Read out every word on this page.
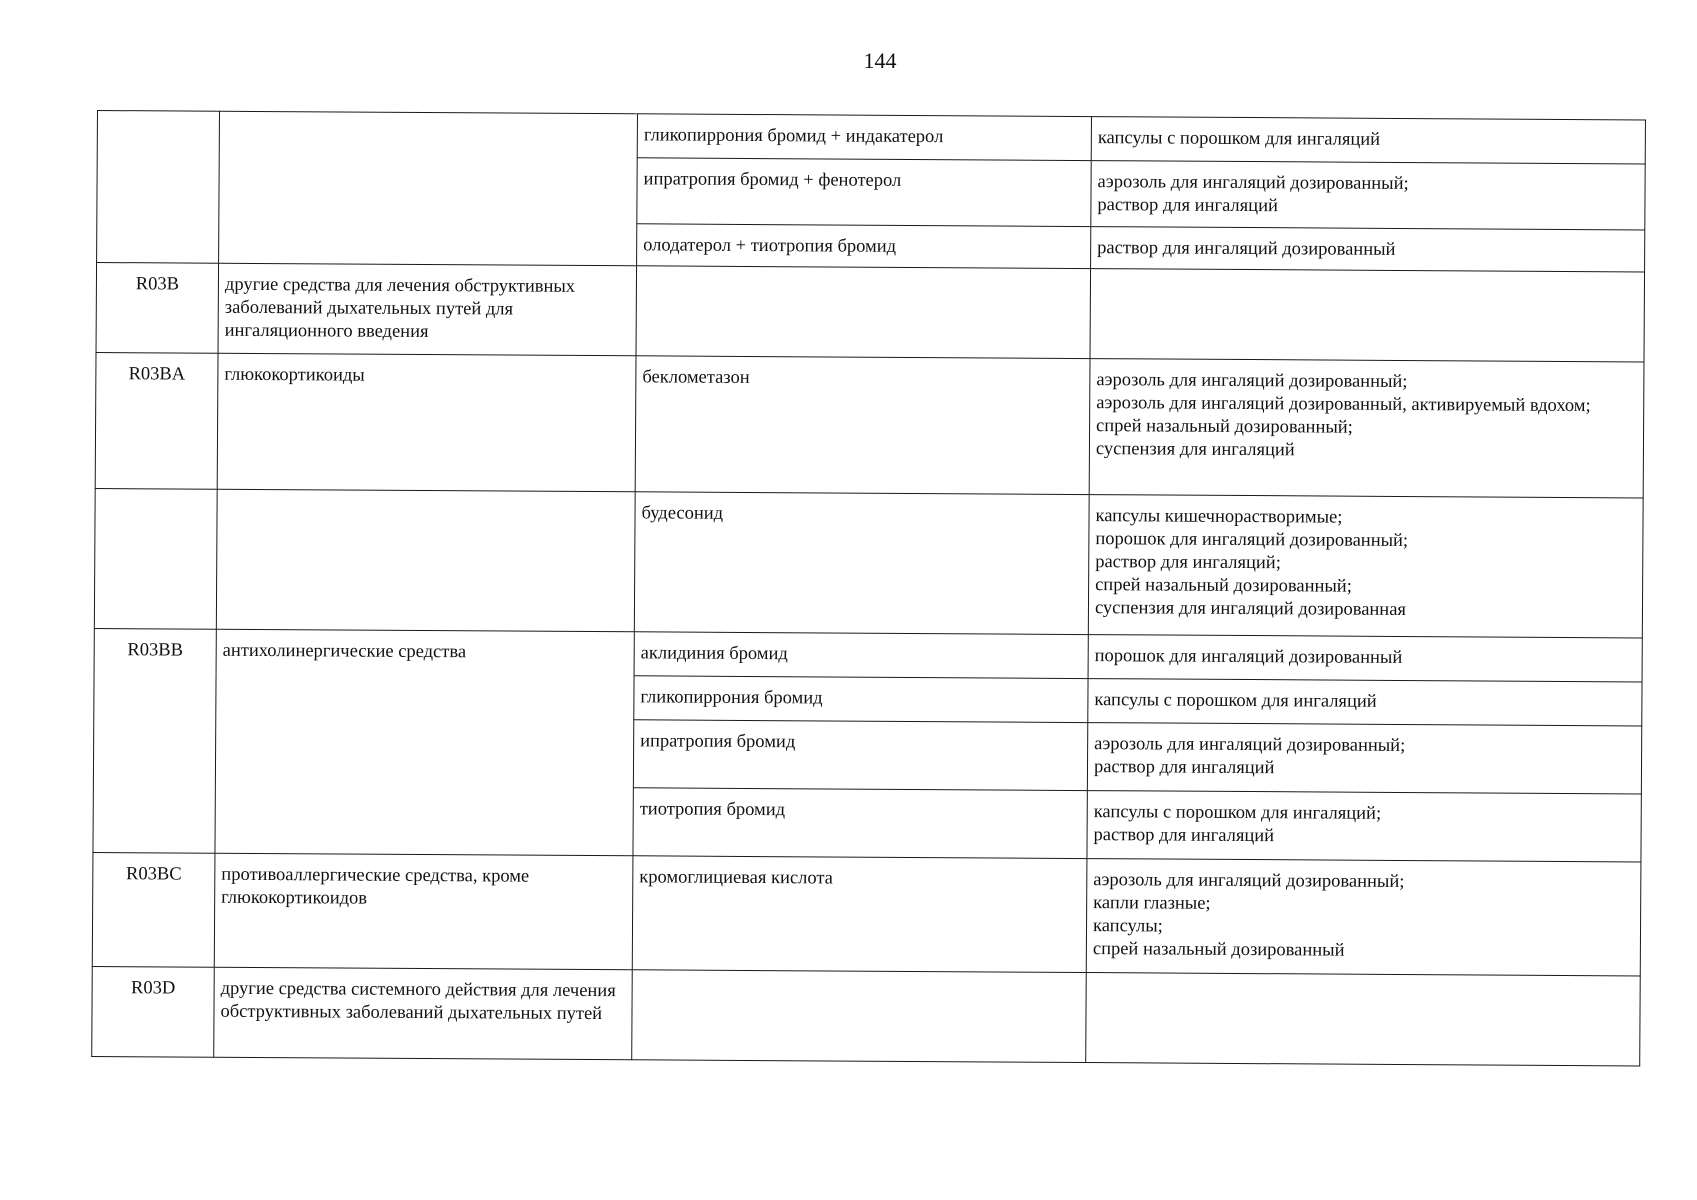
144
		гликопиррония бромид + индакатерол	капсулы с порошком для ингаляций
		ипратропия бромид + фенотерол	аэрозоль для ингаляций дозированный;
раствор для ингаляций
		олодатерол + тиотропия бромид	раствор для ингаляций дозированный
R03B	другие средства для лечения обструктивных заболеваний дыхательных путей для ингаляционного введения		
R03BA	глюкокортикоиды	беклометазон	аэрозоль для ингаляций дозированный;
аэрозоль для ингаляций дозированный, активируемый вдохом;
спрей назальный дозированный;
суспензия для ингаляций
		будесонид	капсулы кишечнорастворимые;
порошок для ингаляций дозированный;
раствор для ингаляций;
спрей назальный дозированный;
суспензия для ингаляций дозированная
R03BB	антихолинергические средства	аклидиния бромид	порошок для ингаляций дозированный
		гликопиррония бромид	капсулы с порошком для ингаляций
		ипратропия бромид	аэрозоль для ингаляций дозированный;
раствор для ингаляций
		тиотропия бромид	капсулы с порошком для ингаляций;
раствор для ингаляций
R03BC	противоаллергические средства, кроме глюкокортикоидов	кромоглициевая кислота	аэрозоль для ингаляций дозированный;
капли глазные;
капсулы;
спрей назальный дозированный
R03D	другие средства системного действия для лечения обструктивных заболеваний дыхательных путей		
